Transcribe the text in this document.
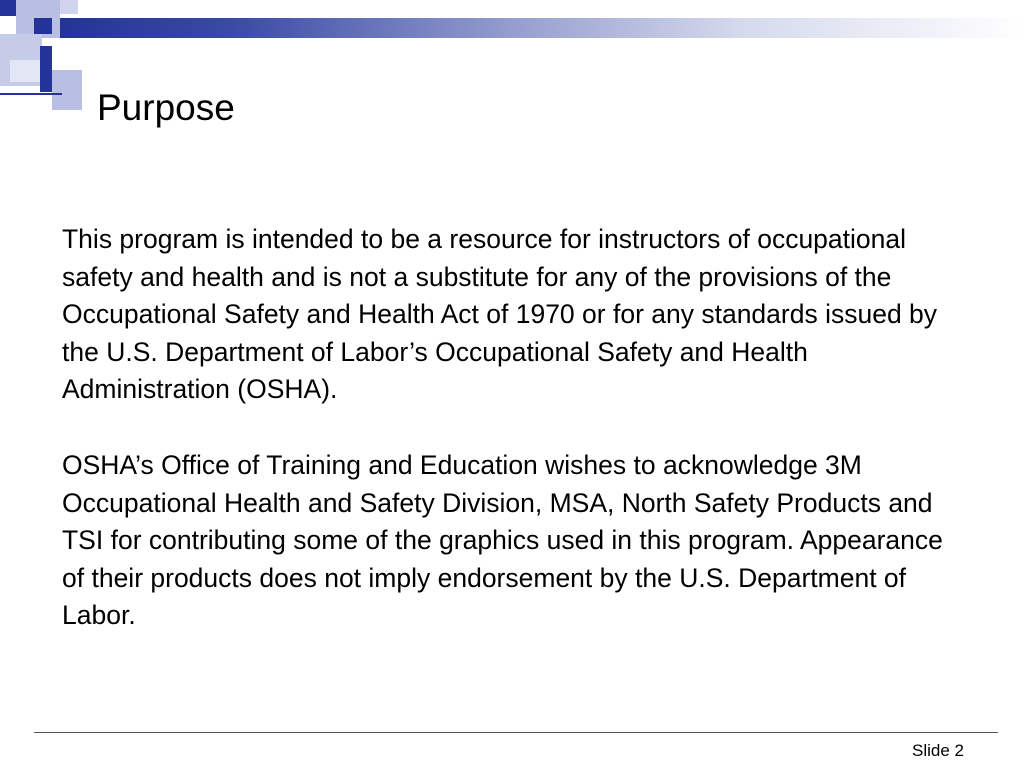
Purpose

This program is intended to be a resource for instructors of occupational safety and health and is not a substitute for any of the provisions of the Occupational Safety and Health Act of 1970 or for any standards issued by the U.S. Department of Labor’s Occupational Safety and Health Administration (OSHA).

OSHA’s Office of Training and Education wishes to acknowledge 3M Occupational Health and Safety Division, MSA, North Safety Products and TSI for contributing some of the graphics used in this program. Appearance of their products does not imply endorsement by the U.S. Department of Labor.

Slide 2
